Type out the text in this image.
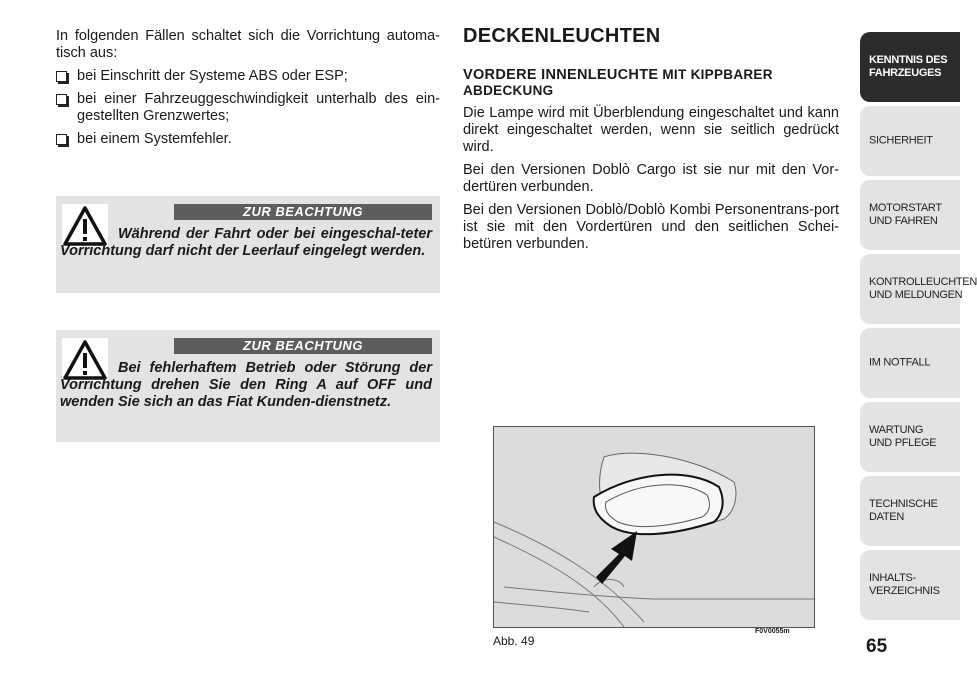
In folgenden Fällen schaltet sich die Vorrichtung automa-tisch aus:

bei Einschritt der Systeme ABS oder ESP;
bei einer Fahrzeuggeschwindigkeit unterhalb des ein-gestellten Grenzwertes;
bei einem Systemfehler.
ZUR BEACHTUNG
Während der Fahrt oder bei eingeschal-teter Vorrichtung darf nicht der Leerlauf eingelegt werden.
ZUR BEACHTUNG
Bei fehlerhaftem Betrieb oder Störung der Vorrichtung drehen Sie den Ring A auf OFF und wenden Sie sich an das Fiat Kunden-dienstnetz.
DECKENLEUCHTEN
VORDERE INNENLEUCHTE MIT KIPPBARER ABDECKUNG

Die Lampe wird mit Überblendung eingeschaltet und kann direkt eingeschaltet werden, wenn sie seitlich gedrückt wird.

Bei den Versionen Doblò Cargo ist sie nur mit den Vor-dertüren verbunden.

Bei den Versionen Doblò/Doblò Kombi Personentrans-port ist sie mit den Vordertüren und den seitlichen Schei-betüren verbunden.

Abb. 49
F0V0055m
65
KENNTNIS DES
FAHRZEUGES
SICHERHEIT
MOTORSTART
UND FAHREN
KONTROLLEUCHTEN
UND MELDUNGEN
IM NOTFALL
WARTUNG
UND PFLEGE
TECHNISCHE DATEN
INHALTS-
VERZEICHNIS
